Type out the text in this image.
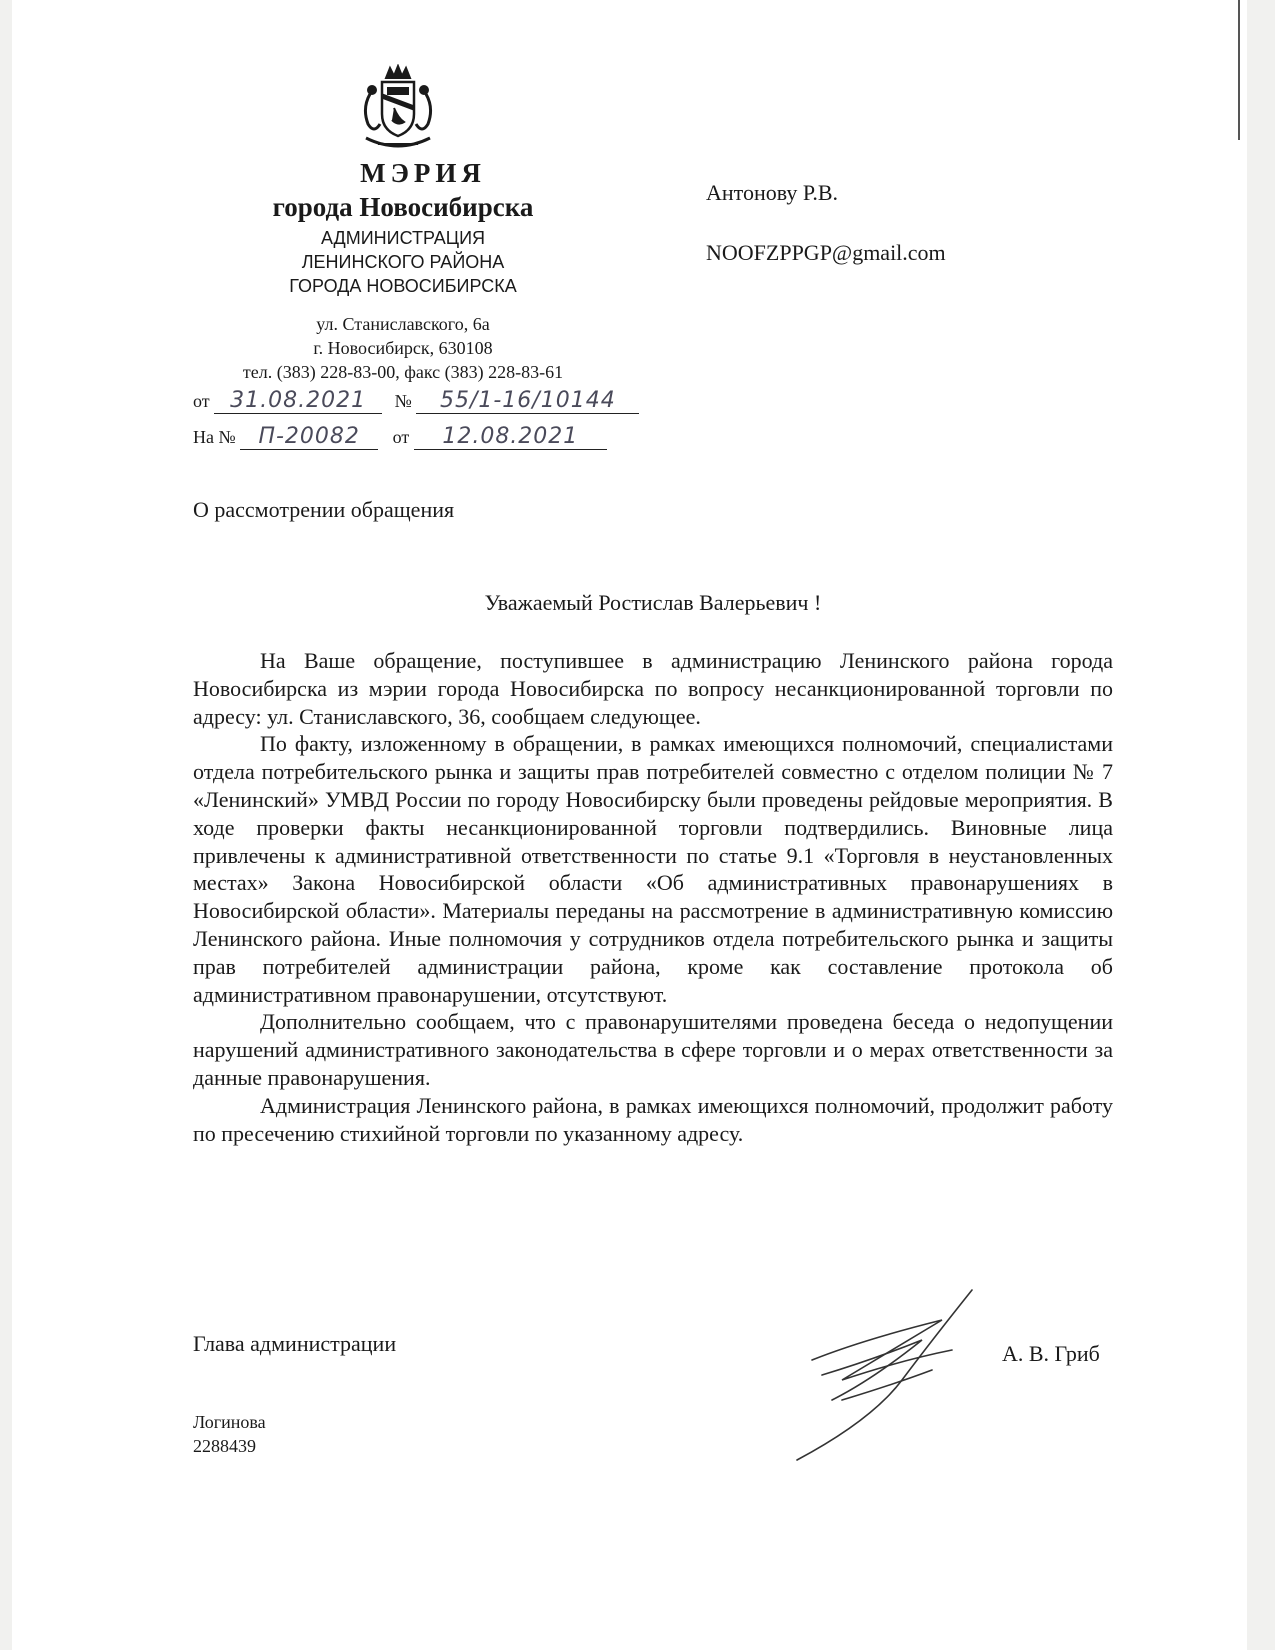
МЭРИЯ
города Новосибирска
АДМИНИСТРАЦИЯ
ЛЕНИНСКОГО РАЙОНА
ГОРОДА НОВОСИБИРСКА
ул. Станиславского, 6а
г. Новосибирск, 630108
тел. (383) 228-83-00, факс (383) 228-83-61
от 31.08.2021 № 55/1-16/10144
На № П-20082 от 12.08.2021
Антонову Р.В.
NOOFZPPGP@gmail.com
О рассмотрении обращения
Уважаемый Ростислав Валерьевич !

На Ваше обращение, поступившее в администрацию Ленинского района города Новосибирска из мэрии города Новосибирска по вопросу несанкционированной торговли по адресу: ул. Станиславского, 36, сообщаем следующее.

По факту, изложенному в обращении, в рамках имеющихся полномочий, специалистами отдела потребительского рынка и защиты прав потребителей совместно с отделом полиции № 7 «Ленинский» УМВД России по городу Новосибирску были проведены рейдовые мероприятия. В ходе проверки факты несанкционированной торговли подтвердились. Виновные лица привлечены к административной ответственности по статье 9.1 «Торговля в неустановленных местах» Закона Новосибирской области «Об административных правонарушениях в Новосибирской области». Материалы переданы на рассмотрение в административную комиссию Ленинского района. Иные полномочия у сотрудников отдела потребительского рынка и защиты прав потребителей администрации района, кроме как составление протокола об административном правонарушении, отсутствуют.

Дополнительно сообщаем, что с правонарушителями проведена беседа о недопущении нарушений административного законодательства в сфере торговли и о мерах ответственности за данные правонарушения.

Администрация Ленинского района, в рамках имеющихся полномочий, продолжит работу по пресечению стихийной торговли по указанному адресу.

Глава администрации	А. В. Гриб
Логинова
2288439
